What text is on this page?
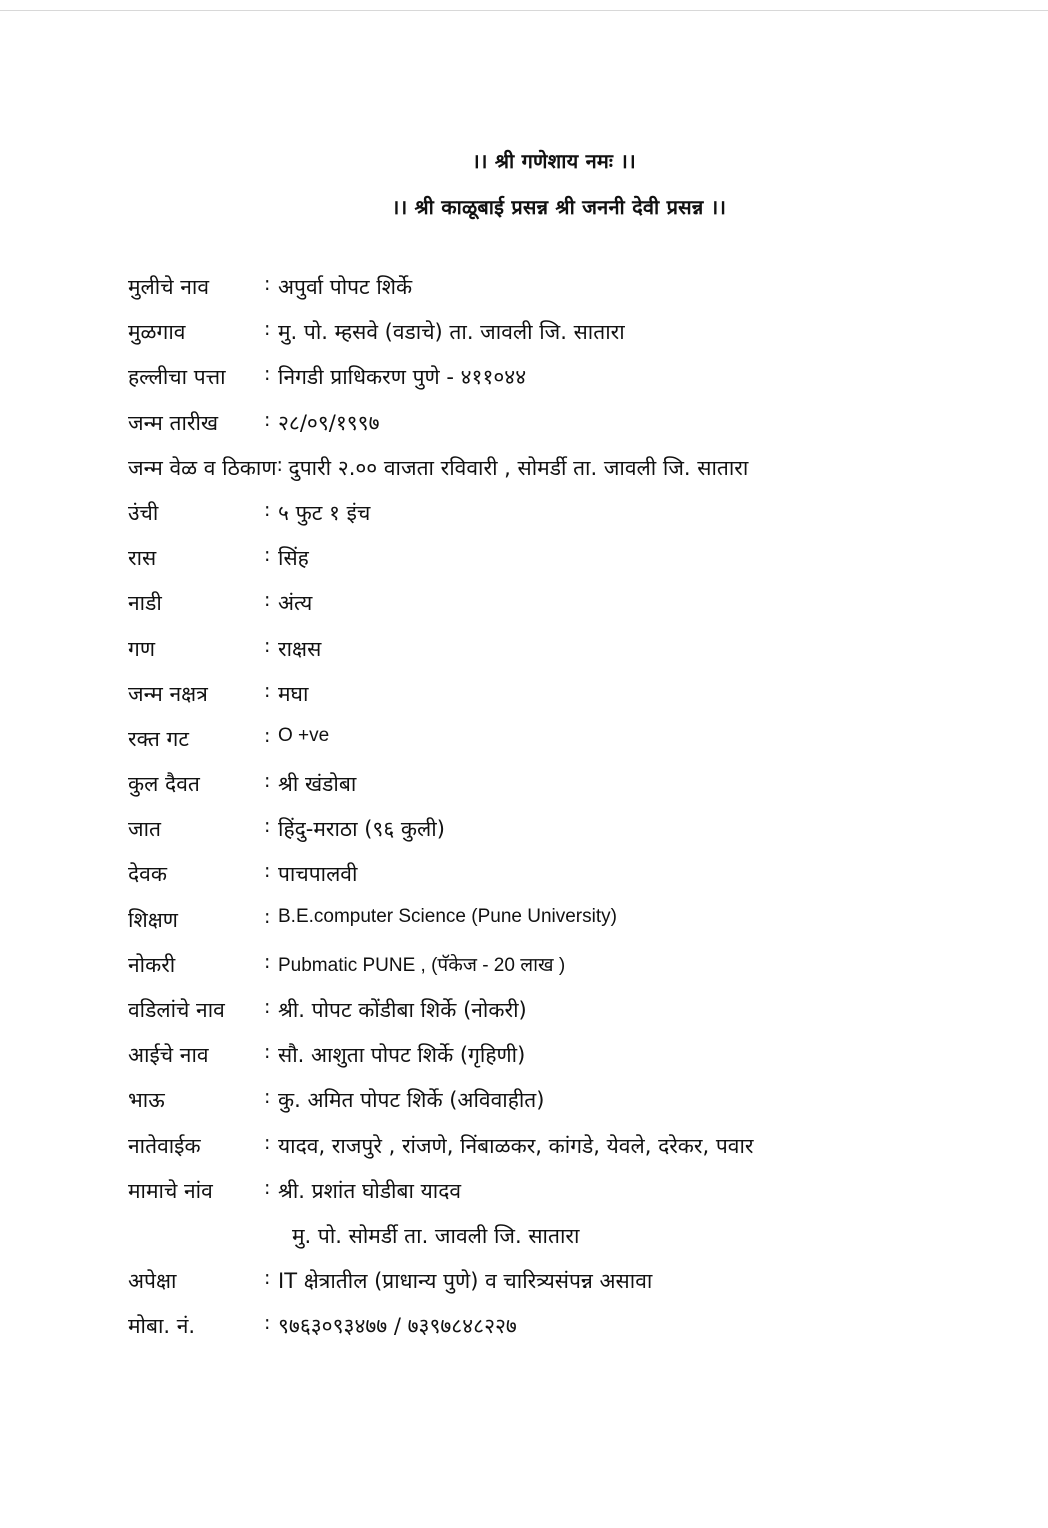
।। श्री गणेशाय नमः ।।
।। श्री काळूबाई प्रसन्न श्री जननी देवी प्रसन्न ।।
मुलीचे नाव	: अपुर्वा पोपट शिर्के
मुळगाव	: मु. पो. म्हसवे (वडाचे) ता. जावली जि. सातारा
हल्लीचा पत्ता	: निगडी प्राधिकरण पुणे - ४११०४४
जन्म तारीख	: २८/०९/१९९७
जन्म वेळ व ठिकाण : दुपारी २.०० वाजता रविवारी , सोमर्डी ता. जावली जि. सातारा
उंची	: ५ फुट १ इंच
रास	: सिंह
नाडी	: अंत्य
गण	: राक्षस
जन्म नक्षत्र	: मघा
रक्त गट	: O +ve
कुल दैवत	: श्री खंडोबा
जात	: हिंदु-मराठा (९६ कुली)
देवक	: पाचपालवी
शिक्षण	: B.E.computer Science (Pune University)
नोकरी	: Pubmatic PUNE , (पॅकेज - 20 लाख )
वडिलांचे नाव	: श्री. पोपट कोंडीबा शिर्के (नोकरी)
आईचे नाव	: सौ. आशुता पोपट शिर्के (गृहिणी)
भाऊ	: कु. अमित पोपट शिर्के (अविवाहीत)
नातेवाईक	: यादव, राजपुरे , रांजणे, निंबाळकर, कांगडे, येवले, दरेकर, पवार
मामाचे नांव	: श्री. प्रशांत घोडीबा यादव
मु. पो. सोमर्डी ता. जावली जि. सातारा
अपेक्षा	: IT क्षेत्रातील (प्राधान्य पुणे) व चारित्र्यसंपन्न असावा
मोबा. नं.	: ९७६३०९३४७७ / ७३९७८४८२२७
